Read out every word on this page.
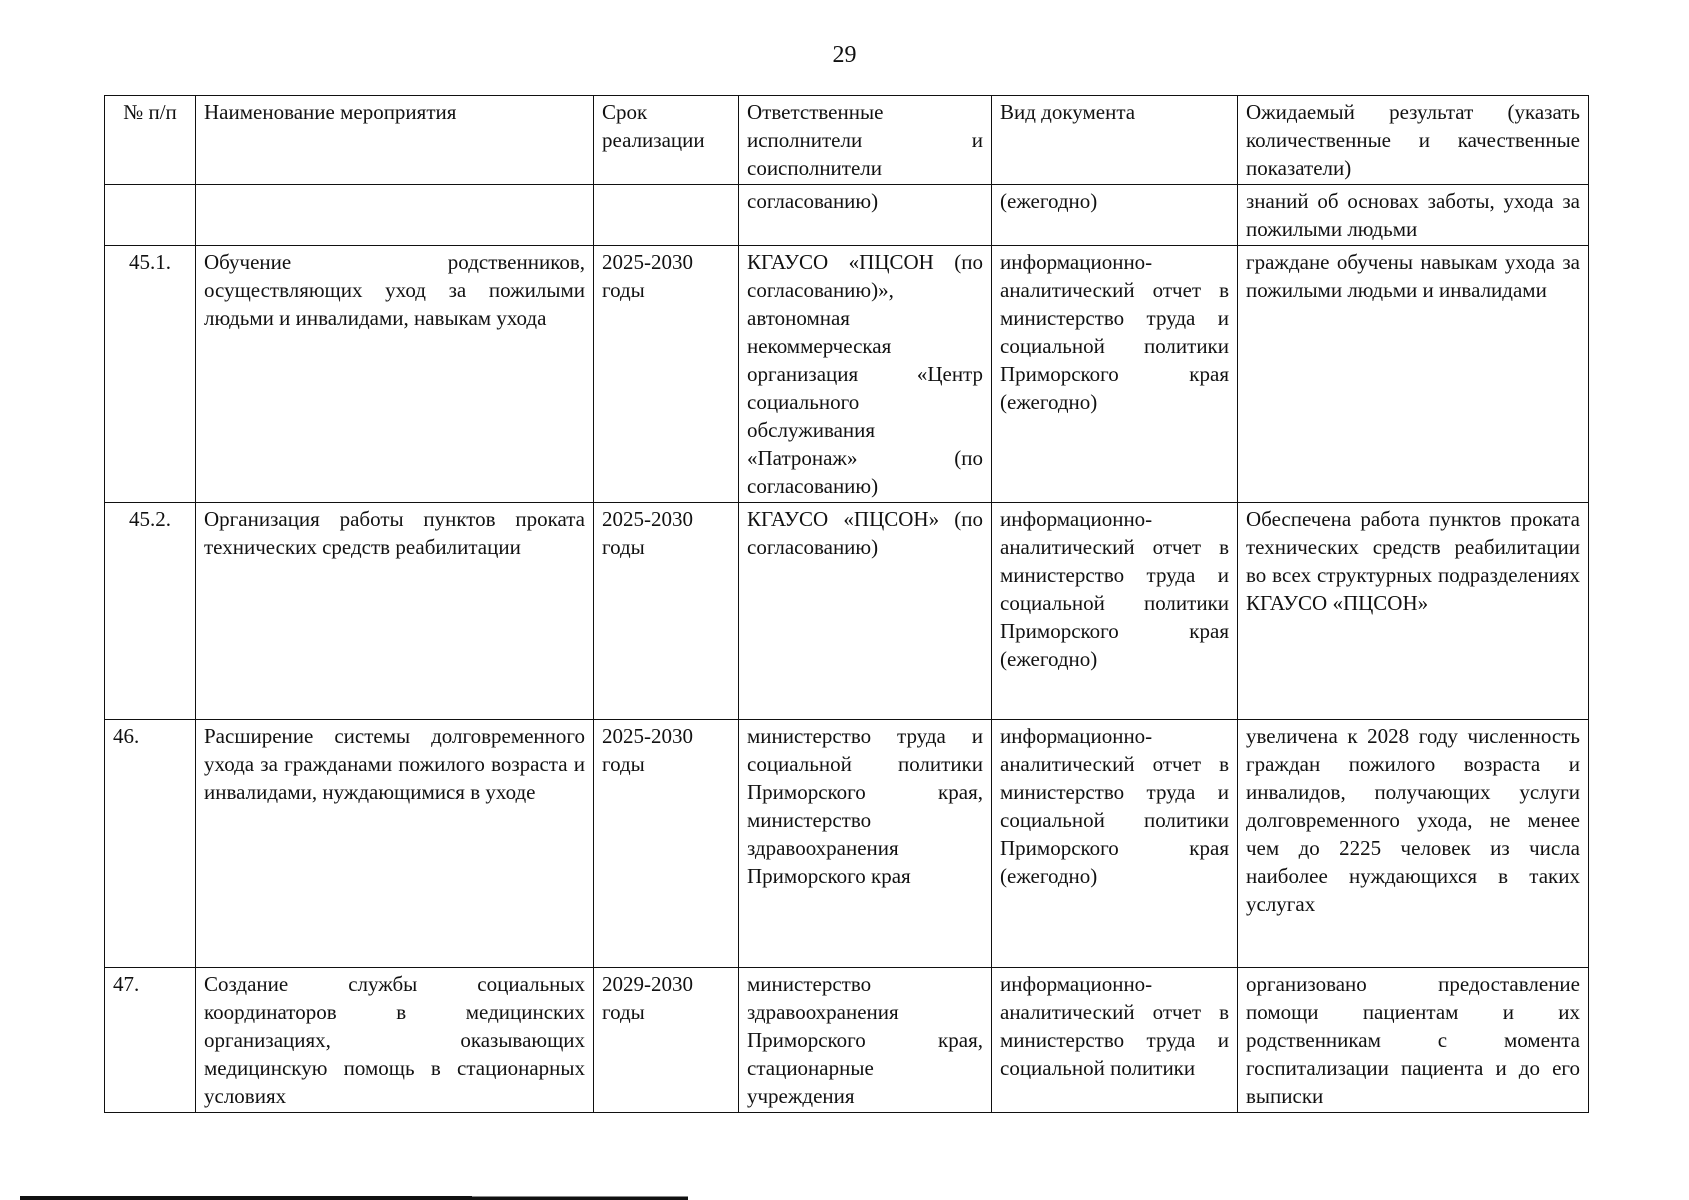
29
№ п/п	Наименование мероприятия	Срок реализации	Ответственные исполнители и соисполнители	Вид документа	Ожидаемый результат (указать количественные и качественные показатели)
			согласованию)	(ежегодно)	знаний об основах заботы, ухода за пожилыми людьми
45.1.	Обучение родственников, осуществляющих уход за пожилыми людьми и инвалидами, навыкам ухода	2025-2030 годы	КГАУСО «ПЦСОН (по согласованию)», автономная некоммерческая организация «Центр социального обслуживания «Патронаж» (по согласованию)	информационно-аналитический отчет в министерство труда и социальной политики Приморского края (ежегодно)	граждане обучены навыкам ухода за пожилыми людьми и инвалидами
45.2.	Организация работы пунктов проката технических средств реабилитации	2025-2030 годы	КГАУСО «ПЦСОН» (по согласованию)	информационно-аналитический отчет в министерство труда и социальной политики Приморского края (ежегодно)	Обеспечена работа пунктов проката технических средств реабилитации во всех структурных подразделениях КГАУСО «ПЦСОН»
46.	Расширение системы долговременного ухода за гражданами пожилого возраста и инвалидами, нуждающимися в уходе	2025-2030 годы	министерство труда и социальной политики Приморского края, министерство здравоохранения Приморского края	информационно-аналитический отчет в министерство труда и социальной политики Приморского края (ежегодно)	увеличена к 2028 году численность граждан пожилого возраста и инвалидов, получающих услуги долговременного ухода, не менее чем до 2225 человек из числа наиболее нуждающихся в таких услугах
47.	Создание службы социальных координаторов в медицинских организациях, оказывающих медицинскую помощь в стационарных условиях	2029-2030 годы	министерство здравоохранения Приморского края, стационарные учреждения	информационно-аналитический отчет в министерство труда и социальной политики	организовано предоставление помощи пациентам и их родственникам с момента госпитализации пациента и до его выписки
